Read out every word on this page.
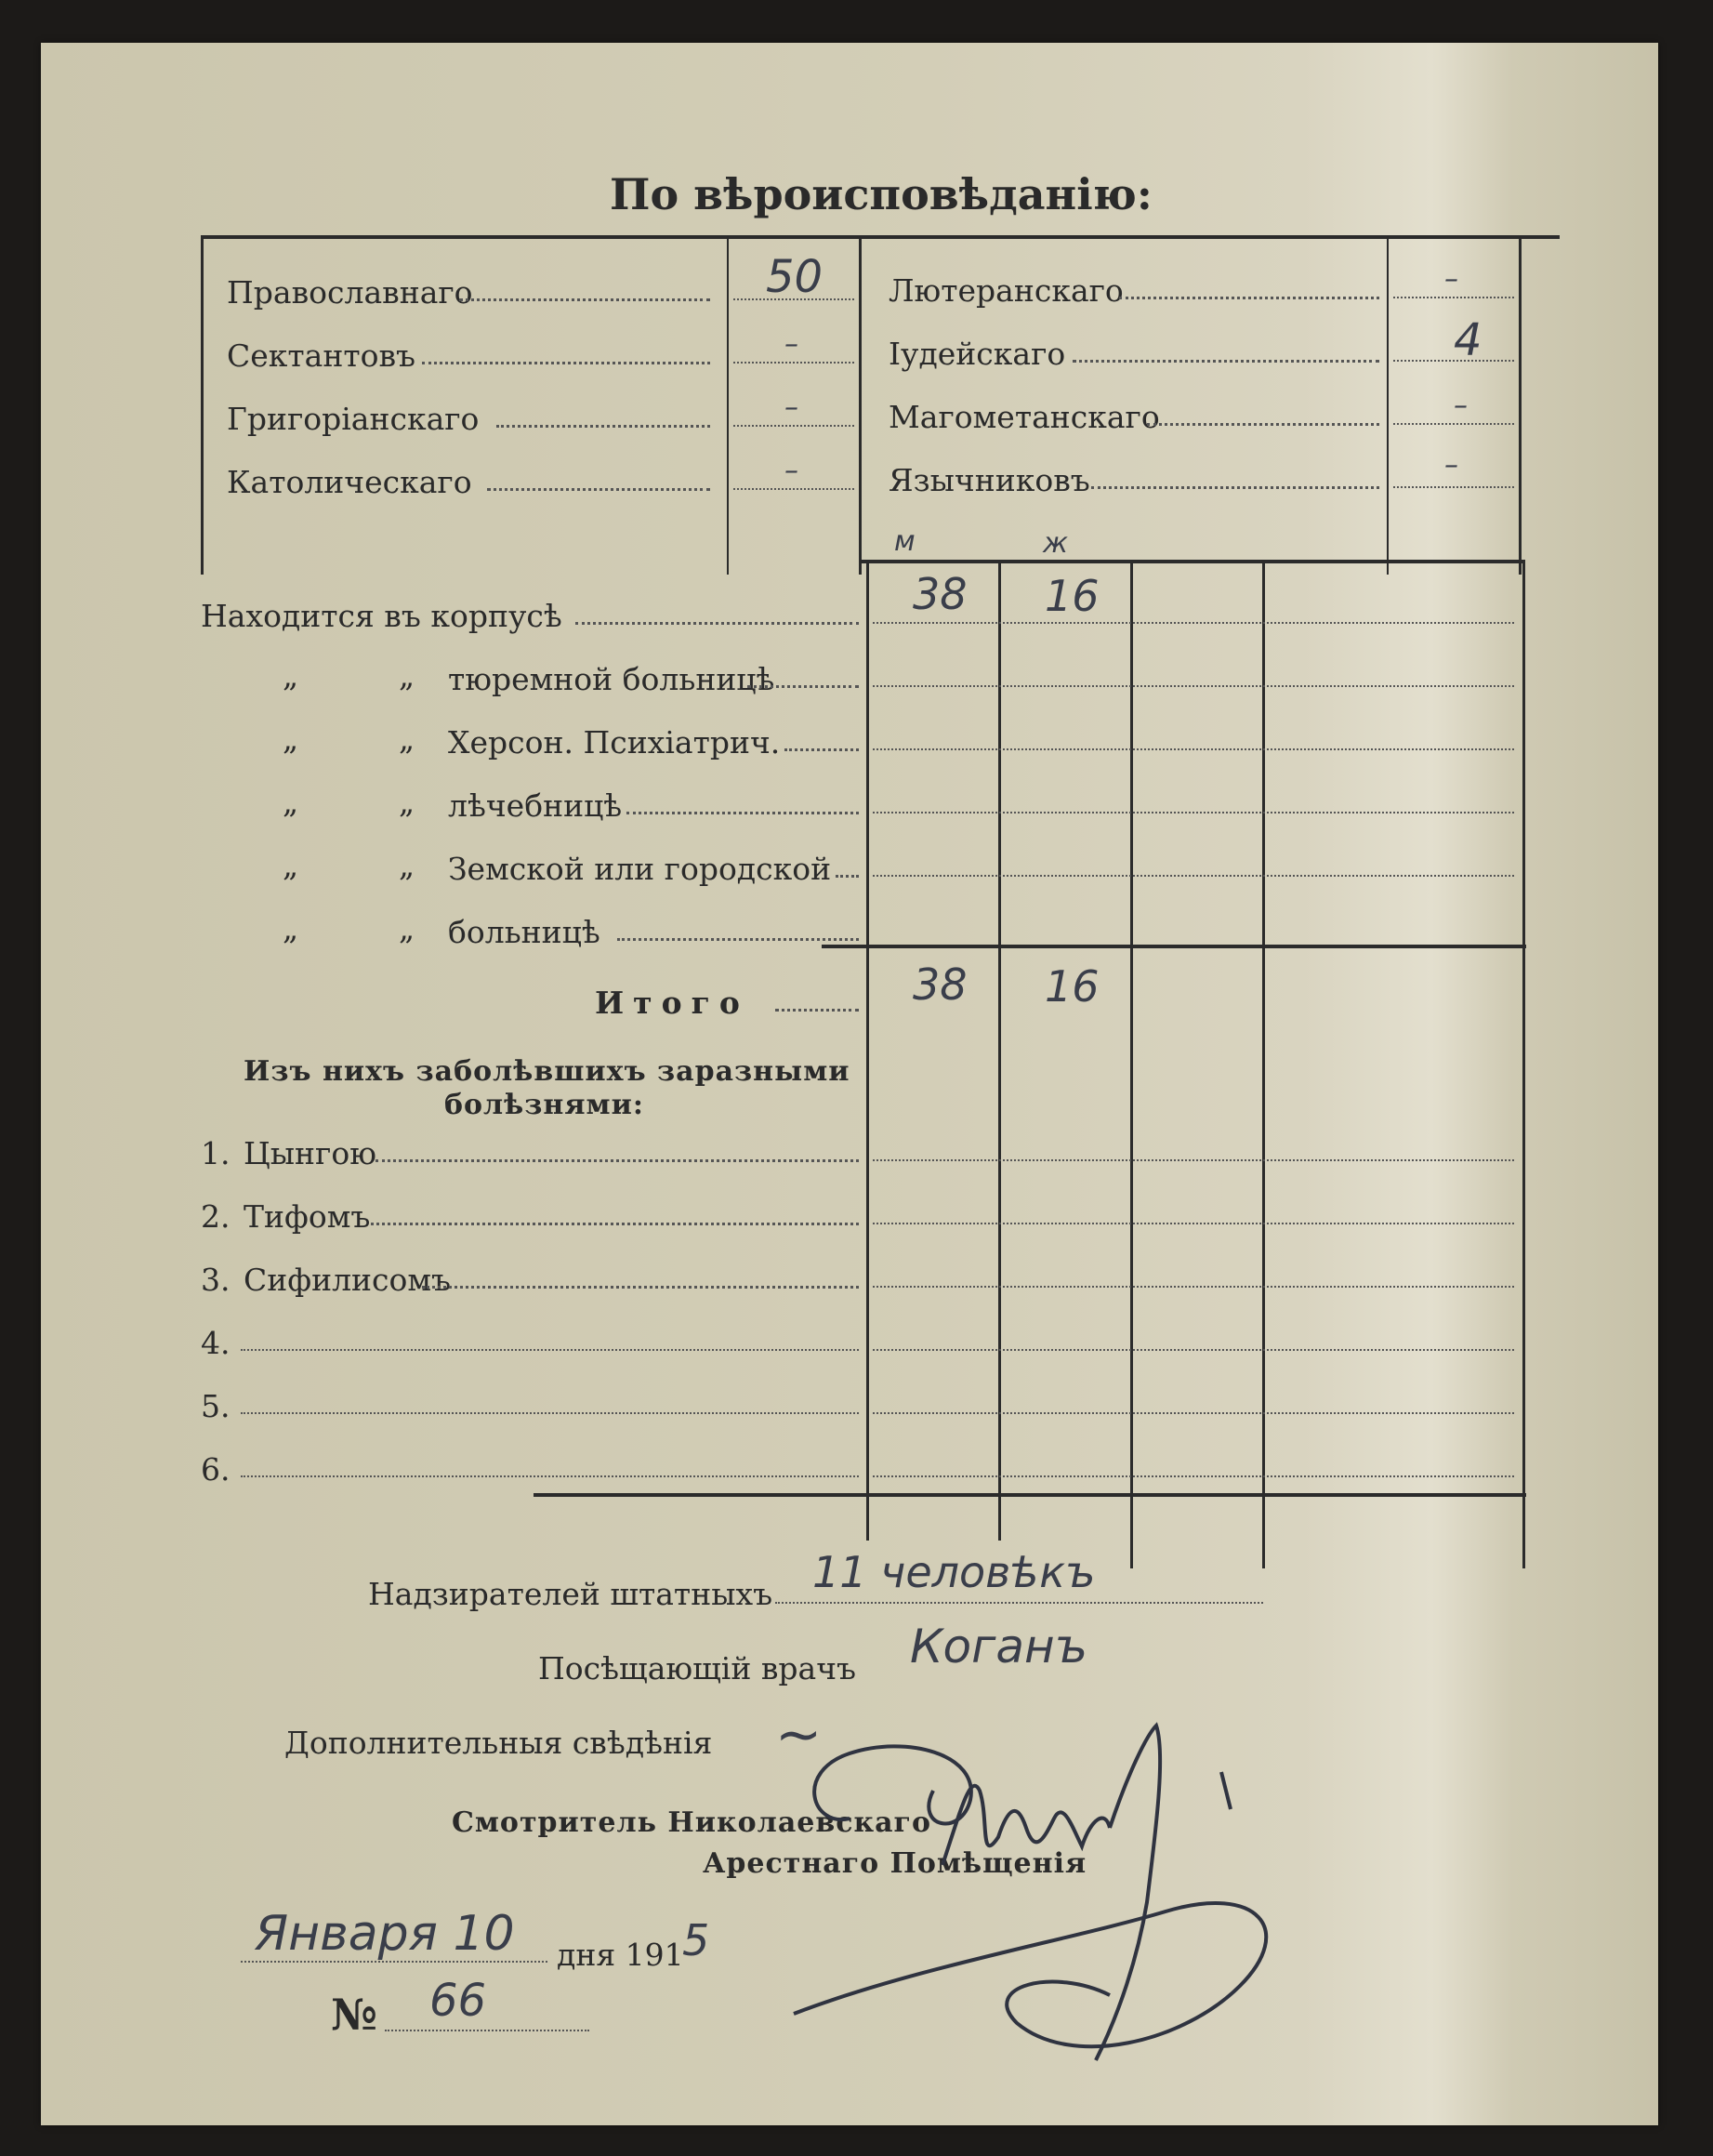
По вѣроисповѣданію:
Православнаго	50
Сектантовъ	–
Григоріанскаго	–
Католическаго	–
Лютеранскаго	–
Іудейскаго	4
Магометанскаго	–
Язычниковъ	–
м	ж
Находится въ корпусѣ	38 16
„	„ тюремной больницѣ
„	„ Херсон. Психіатрич.
„	„ лѣчебницѣ
„	„ Земской или городской
„	„ больницѣ
Итого	38 16
Изъ нихъ заболѣвшихъ заразными
болѣзнями:
1. Цынгою
2. Тифомъ
3. Сифилисомъ
4.
5.
6.
Надзирателей штатныхъ 11 человѣкъ
Посѣщающій врачъ Коганъ
Дополнительныя свѣдѣнія ~
Смотритель Николаевскаго
Арестнаго Помѣщенія
Января 10 дня 191
5
№ 66
